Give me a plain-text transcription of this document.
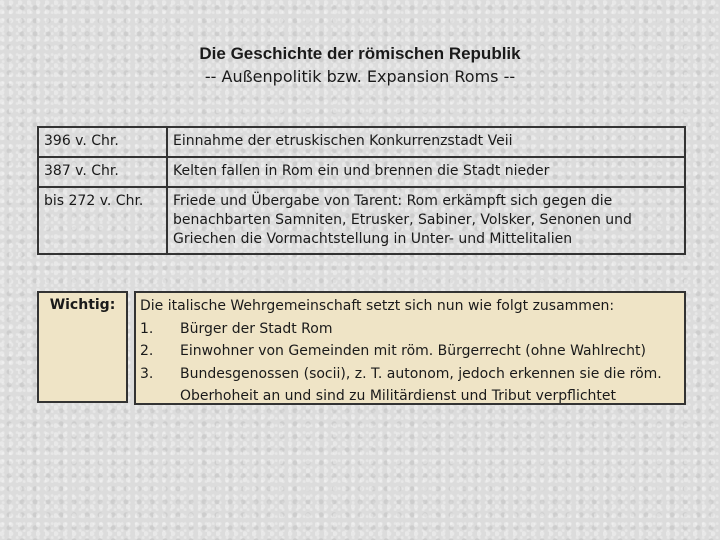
Die Geschichte der römischen Republik

-- Außenpolitik bzw. Expansion Roms --

396 v. Chr.	Einnahme der etruskischen Konkurrenzstadt Veii
387 v. Chr.	Kelten fallen in Rom ein und brennen die Stadt nieder
bis 272 v. Chr.	Friede und Übergabe von Tarent: Rom erkämpft sich gegen die benachbarten Samniten, Etrusker, Sabiner, Volsker, Senonen und Griechen die Vormachtstellung in Unter- und Mittelitalien
Wichtig:	Die italische Wehrgemeinschaft setzt sich nun wie folgt zusammen:
1.	Bürger der Stadt Rom
2.	Einwohner von Gemeinden mit röm. Bürgerrecht (ohne Wahlrecht)
3.	Bundesgenossen (socii), z. T. autonom, jedoch erkennen sie die röm. Oberhoheit an und sind zu Militärdienst und Tribut verpflichtet
